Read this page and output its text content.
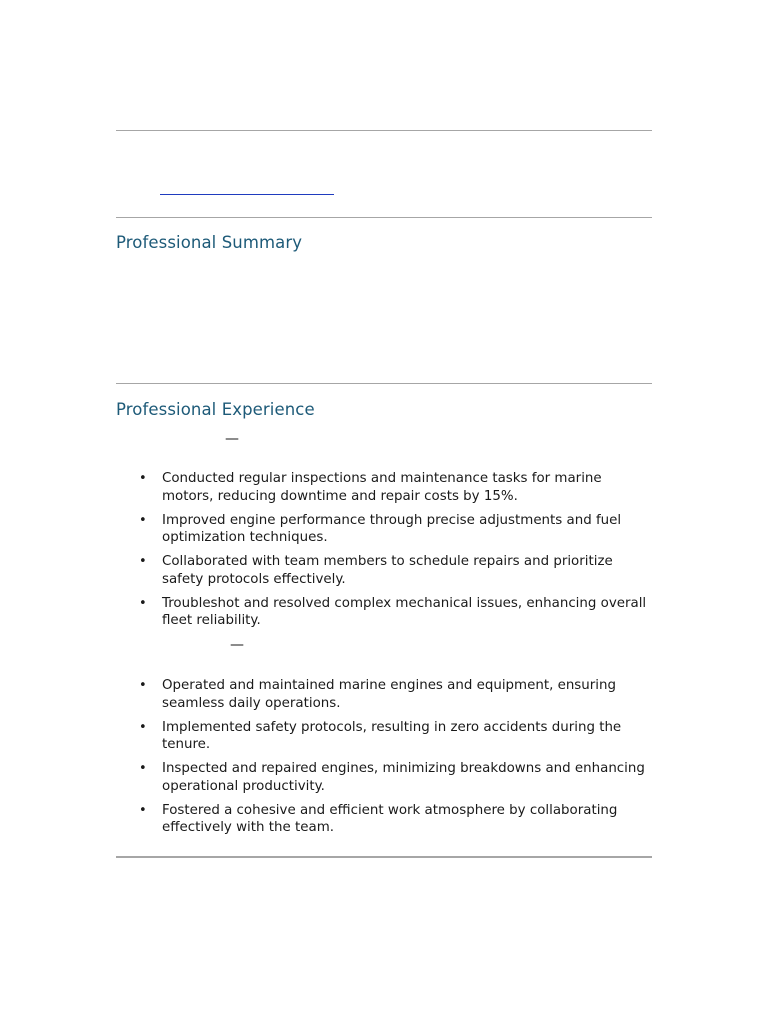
Professional Summary
Professional Experience
—
• Conducted regular inspections and maintenance tasks for marine motors, reducing downtime and repair costs by 15%.
• Improved engine performance through precise adjustments and fuel optimization techniques.
• Collaborated with team members to schedule repairs and prioritize safety protocols effectively.
• Troubleshot and resolved complex mechanical issues, enhancing overall fleet reliability.
—
• Operated and maintained marine engines and equipment, ensuring seamless daily operations.
• Implemented safety protocols, resulting in zero accidents during the tenure.
• Inspected and repaired engines, minimizing breakdowns and enhancing operational productivity.
• Fostered a cohesive and efficient work atmosphere by collaborating effectively with the team.
